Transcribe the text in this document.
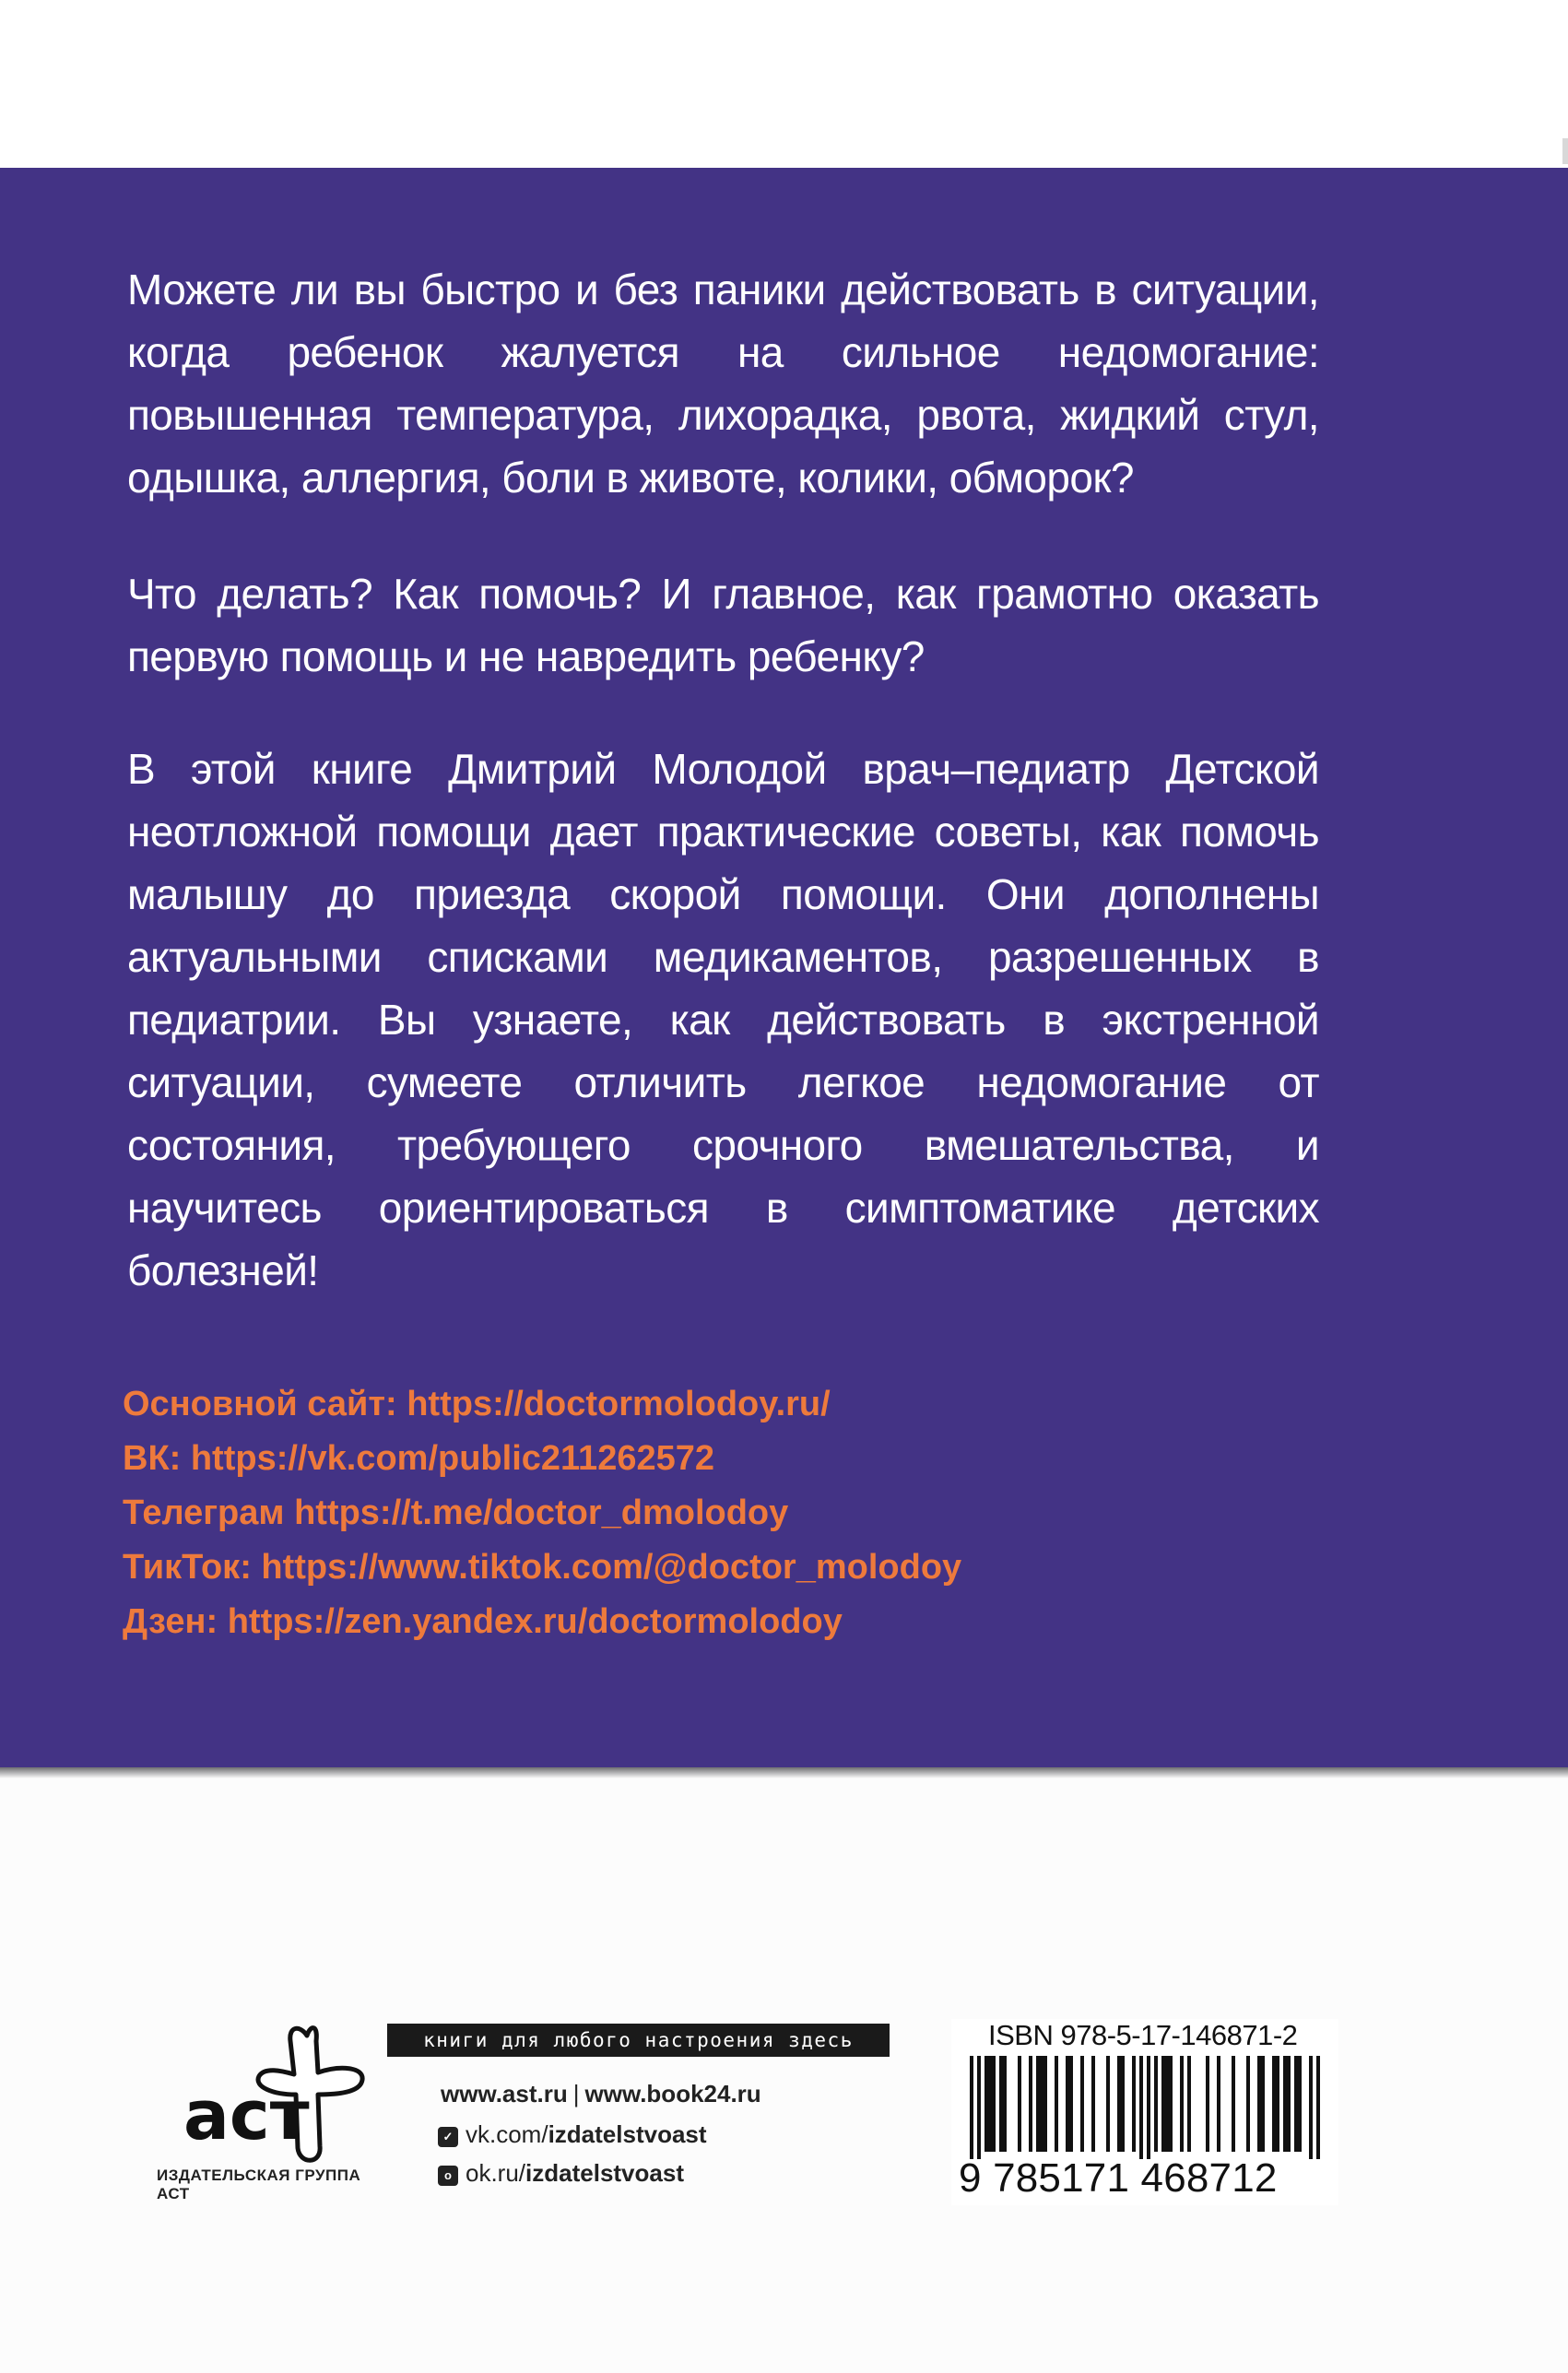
Можете ли вы быстро и без паники действовать в ситуации, когда ребенок жалуется на сильное недомогание: повышенная температура, лихорадка, рвота, жидкий стул, одышка, аллергия, боли в животе, колики, обморок?

Что делать? Как помочь? И главное, как грамотно оказать первую помощь и не навредить ребенку?

В этой книге Дмитрий Молодой врач–педиатр Детской неотложной помощи дает практические советы, как помочь малышу до приезда скорой помощи. Они дополнены актуальными списками медикаментов, разрешенных в педиатрии. Вы узнаете, как действовать в экстренной ситуации, сумеете отличить легкое недомогание от состояния, требующего срочного вмешательства, и научитесь ориентироваться в симптоматике детских болезней!

Основной сайт: https://doctormolodoy.ru/
ВК: https://vk.com/public211262572
Телеграм https://t.me/doctor_dmolodoy
ТикТок: https://www.tiktok.com/@doctor_molodoy
Дзен: https://zen.yandex.ru/doctormolodoy
аст
ИЗДАТЕЛЬСКАЯ ГРУППА АСТ
книги для любого настроения здесь
www.ast.ru | www.book24.ru
✓ vk.com/izdatelstvoast
о ok.ru/izdatelstvoast
ISBN 978-5-17-146871-2
9 785171 468712
